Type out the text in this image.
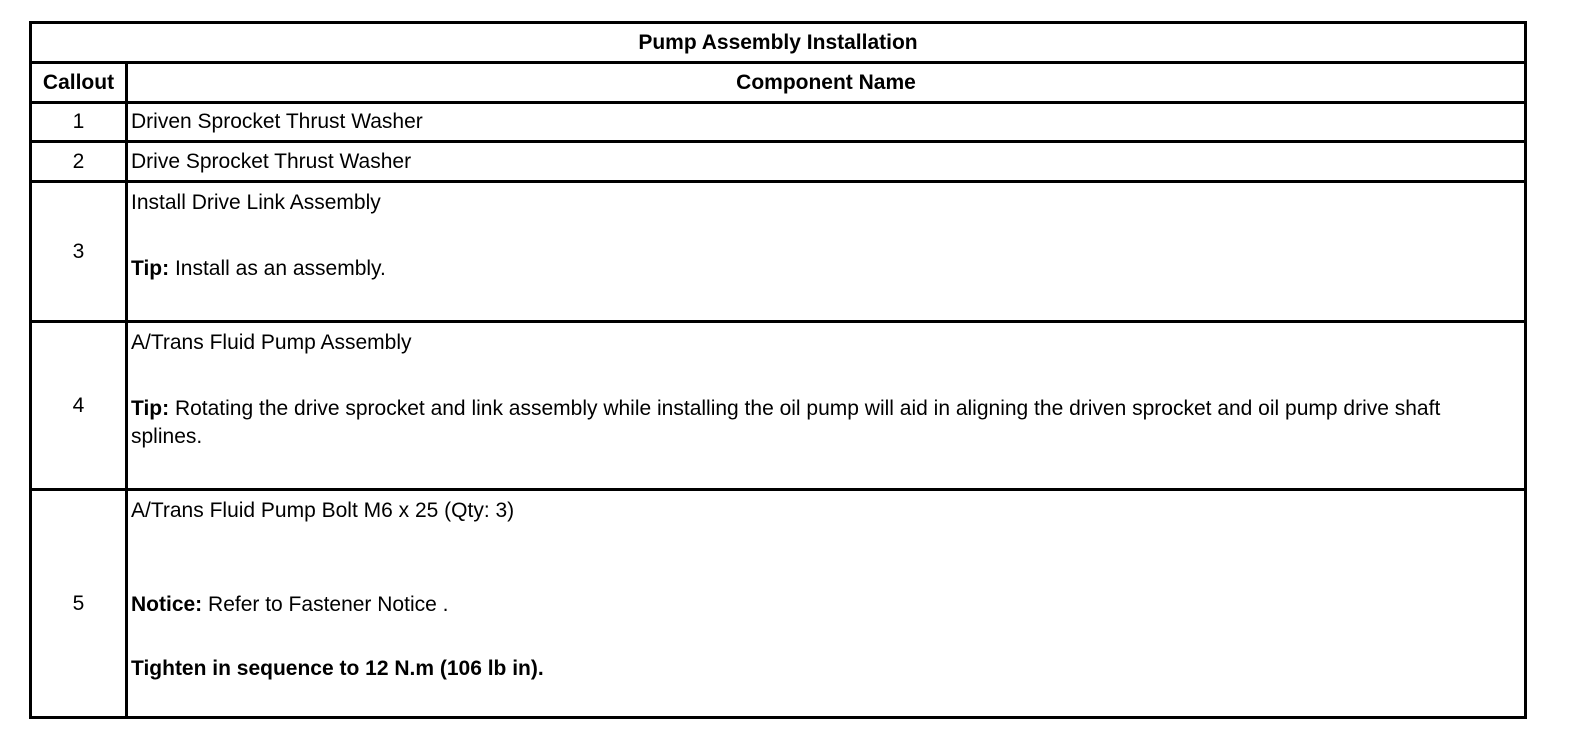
Pump Assembly Installation	
Callout	Component Name
1	Driven Sprocket Thrust Washer

2	Drive Sprocket Thrust Washer

3	Install Drive Link Assembly
Tip: Install as an assembly.

4	A/Trans Fluid Pump Assembly
Tip: Rotating the drive sprocket and link assembly while installing the oil pump will aid in aligning the driven sprocket and oil pump drive shaft splines.

5	A/Trans Fluid Pump Bolt M6 x 25 (Qty: 3)
Notice: Refer to Fastener Notice .
Tighten in sequence to 12 N.m (106 lb in).
